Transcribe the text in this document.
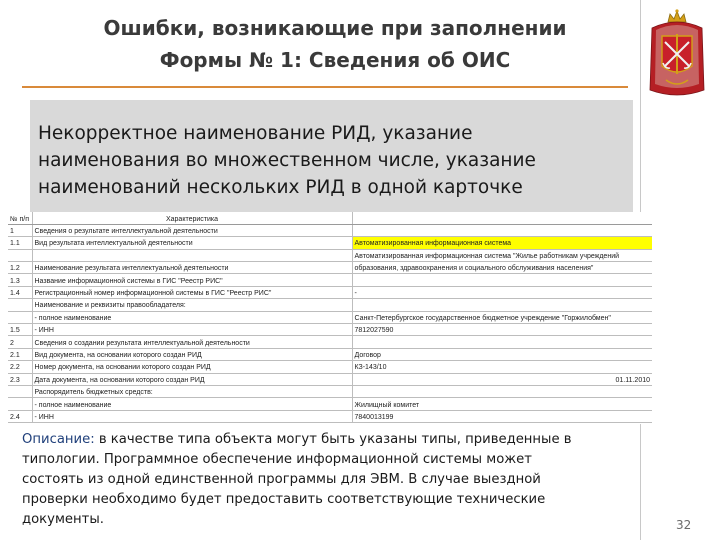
Ошибки, возникающие при заполнении
Формы № 1: Сведения об ОИС
Некорректное наименование РИД, указание
наименования во множественном числе, указание
наименований нескольких РИД в одной карточке
№ п/п	Характеристика	
1	Сведения о результате интеллектуальной деятельности	
1.1	Вид результата интеллектуальной деятельности	Автоматизированная информационная система
		Автоматизированная информационная система "Жилье работникам учреждений
1.2	Наименование результата интеллектуальной деятельности	образования, здравоохранения и социального обслуживания населения"
1.3	Название информационной системы в ГИС "Реестр РИС"	
1.4	Регистрационный номер информационной системы в ГИС "Реестр РИС"	-
	Наименование и реквизиты правообладателя:	
	- полное наименование	Санкт-Петербургское государственное бюджетное учреждение "Горжилобмен"
1.5	- ИНН	7812027590
2	Сведения о создании результата интеллектуальной деятельности	
2.1	Вид документа, на основании которого создан РИД	Договор
2.2	Номер документа, на основании которого создан РИД	КЗ-143/10
2.3	Дата документа, на основании которого создан РИД	01.11.2010
	Распорядитель бюджетных средств:	
	- полное наименование	Жилищный комитет
2.4	- ИНН	7840013199
Описание: в качестве типа объекта могут быть указаны типы, приведенные в
типологии. Программное обеспечение информационной системы может
состоять из одной единственной программы для ЭВМ. В случае выездной
проверки необходимо будет предоставить соответствующие технические
документы.	32
